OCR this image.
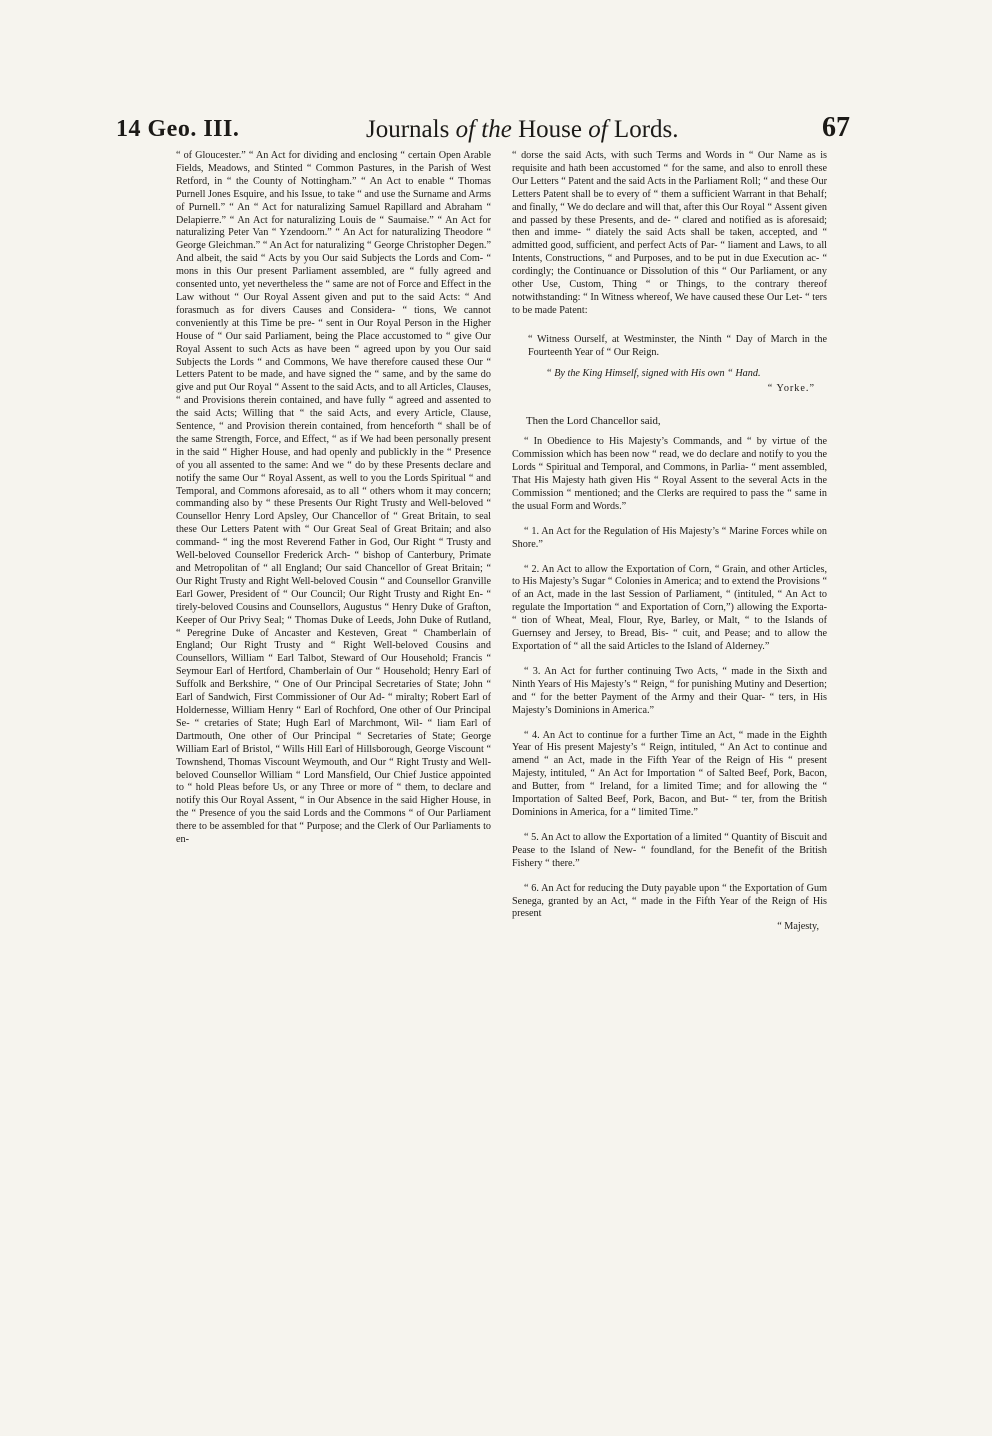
14 Geo. III.	Journals of the House of Lords.	67

“ of Gloucester.” “ An Act for dividing and enclosing “ certain Open Arable Fields, Meadows, and Stinted “ Common Pastures, in the Parish of West Retford, in “ the County of Nottingham.” “ An Act to enable “ Thomas Purnell Jones Esquire, and his Issue, to take “ and use the Surname and Arms of Purnell.” “ An “ Act for naturalizing Samuel Rapillard and Abraham “ Delapierre.” “ An Act for naturalizing Louis de “ Saumaise.” “ An Act for naturalizing Peter Van “ Yzendoorn.” “ An Act for naturalizing Theodore “ George Gleichman.” “ An Act for naturalizing “ George Christopher Degen.” And albeit, the said “ Acts by you Our said Subjects the Lords and Com- “ mons in this Our present Parliament assembled, are “ fully agreed and consented unto, yet nevertheless the “ same are not of Force and Effect in the Law without “ Our Royal Assent given and put to the said Acts: “ And forasmuch as for divers Causes and Considera- “ tions, We cannot conveniently at this Time be pre- “ sent in Our Royal Person in the Higher House of “ Our said Parliament, being the Place accustomed to “ give Our Royal Assent to such Acts as have been “ agreed upon by you Our said Subjects the Lords “ and Commons, We have therefore caused these Our “ Letters Patent to be made, and have signed the “ same, and by the same do give and put Our Royal “ Assent to the said Acts, and to all Articles, Clauses, “ and Provisions therein contained, and have fully “ agreed and assented to the said Acts; Willing that “ the said Acts, and every Article, Clause, Sentence, “ and Provision therein contained, from henceforth “ shall be of the same Strength, Force, and Effect, “ as if We had been personally present in the said “ Higher House, and had openly and publickly in the “ Presence of you all assented to the same: And we “ do by these Presents declare and notify the same Our “ Royal Assent, as well to you the Lords Spiritual “ and Temporal, and Commons aforesaid, as to all “ others whom it may concern; commanding also by “ these Presents Our Right Trusty and Well-beloved “ Counsellor Henry Lord Apsley, Our Chancellor of “ Great Britain, to seal these Our Letters Patent with “ Our Great Seal of Great Britain; and also command- “ ing the most Reverend Father in God, Our Right “ Trusty and Well-beloved Counsellor Frederick Arch- “ bishop of Canterbury, Primate and Metropolitan of “ all England; Our said Chancellor of Great Britain; “ Our Right Trusty and Right Well-beloved Cousin “ and Counsellor Granville Earl Gower, President of “ Our Council; Our Right Trusty and Right En- “ tirely-beloved Cousins and Counsellors, Augustus “ Henry Duke of Grafton, Keeper of Our Privy Seal; “ Thomas Duke of Leeds, John Duke of Rutland, “ Peregrine Duke of Ancaster and Kesteven, Great “ Chamberlain of England; Our Right Trusty and “ Right Well-beloved Cousins and Counsellors, William “ Earl Talbot, Steward of Our Household; Francis “ Seymour Earl of Hertford, Chamberlain of Our “ Household; Henry Earl of Suffolk and Berkshire, “ One of Our Principal Secretaries of State; John “ Earl of Sandwich, First Commissioner of Our Ad- “ miralty; Robert Earl of Holdernesse, William Henry “ Earl of Rochford, One other of Our Principal Se- “ cretaries of State; Hugh Earl of Marchmont, Wil- “ liam Earl of Dartmouth, One other of Our Principal “ Secretaries of State; George William Earl of Bristol, “ Wills Hill Earl of Hillsborough, George Viscount “ Townshend, Thomas Viscount Weymouth, and Our “ Right Trusty and Well-beloved Counsellor William “ Lord Mansfield, Our Chief Justice appointed to “ hold Pleas before Us, or any Three or more of “ them, to declare and notify this Our Royal Assent, “ in Our Absence in the said Higher House, in the “ Presence of you the said Lords and the Commons “ of Our Parliament there to be assembled for that “ Purpose; and the Clerk of Our Parliaments to en-

“ dorse the said Acts, with such Terms and Words in “ Our Name as is requisite and hath been accustomed “ for the same, and also to enroll these Our Letters “ Patent and the said Acts in the Parliament Roll; “ and these Our Letters Patent shall be to every of “ them a sufficient Warrant in that Behalf; and finally, “ We do declare and will that, after this Our Royal “ Assent given and passed by these Presents, and de- “ clared and notified as is aforesaid; then and imme- “ diately the said Acts shall be taken, accepted, and “ admitted good, sufficient, and perfect Acts of Par- “ liament and Laws, to all Intents, Constructions, “ and Purposes, and to be put in due Execution ac- “ cordingly; the Continuance or Dissolution of this “ Our Parliament, or any other Use, Custom, Thing “ or Things, to the contrary thereof notwithstanding: “ In Witness whereof, We have caused these Our Let- “ ters to be made Patent:

“ Witness Ourself, at Westminster, the Ninth “ Day of March in the Fourteenth Year of “ Our Reign.

“ By the King Himself, signed with His own “ Hand.

“ Yorke.”

Then the Lord Chancellor said,

“ In Obedience to His Majesty’s Commands, and “ by virtue of the Commission which has been now “ read, we do declare and notify to you the Lords “ Spiritual and Temporal, and Commons, in Parlia- “ ment assembled, That His Majesty hath given His “ Royal Assent to the several Acts in the Commission “ mentioned; and the Clerks are required to pass the “ same in the usual Form and Words.”

“ 1. An Act for the Regulation of His Majesty’s “ Marine Forces while on Shore.”

“ 2. An Act to allow the Exportation of Corn, “ Grain, and other Articles, to His Majesty’s Sugar “ Colonies in America; and to extend the Provisions “ of an Act, made in the last Session of Parliament, “ (intituled, “ An Act to regulate the Importation “ and Exportation of Corn,”) allowing the Exporta- “ tion of Wheat, Meal, Flour, Rye, Barley, or Malt, “ to the Islands of Guernsey and Jersey, to Bread, Bis- “ cuit, and Pease; and to allow the Exportation of “ all the said Articles to the Island of Alderney.”

“ 3. An Act for further continuing Two Acts, “ made in the Sixth and Ninth Years of His Majesty’s “ Reign, “ for punishing Mutiny and Desertion; and “ for the better Payment of the Army and their Quar- “ ters, in His Majesty’s Dominions in America.”

“ 4. An Act to continue for a further Time an Act, “ made in the Eighth Year of His present Majesty’s “ Reign, intituled, “ An Act to continue and amend “ an Act, made in the Fifth Year of the Reign of His “ present Majesty, intituled, “ An Act for Importation “ of Salted Beef, Pork, Bacon, and Butter, from “ Ireland, for a limited Time; and for allowing the “ Importation of Salted Beef, Pork, Bacon, and But- “ ter, from the British Dominions in America, for a “ limited Time.”

“ 5. An Act to allow the Exportation of a limited “ Quantity of Biscuit and Pease to the Island of New- “ foundland, for the Benefit of the British Fishery “ there.”

“ 6. An Act for reducing the Duty payable upon “ the Exportation of Gum Senega, granted by an Act, “ made in the Fifth Year of the Reign of His present

“ Majesty,
